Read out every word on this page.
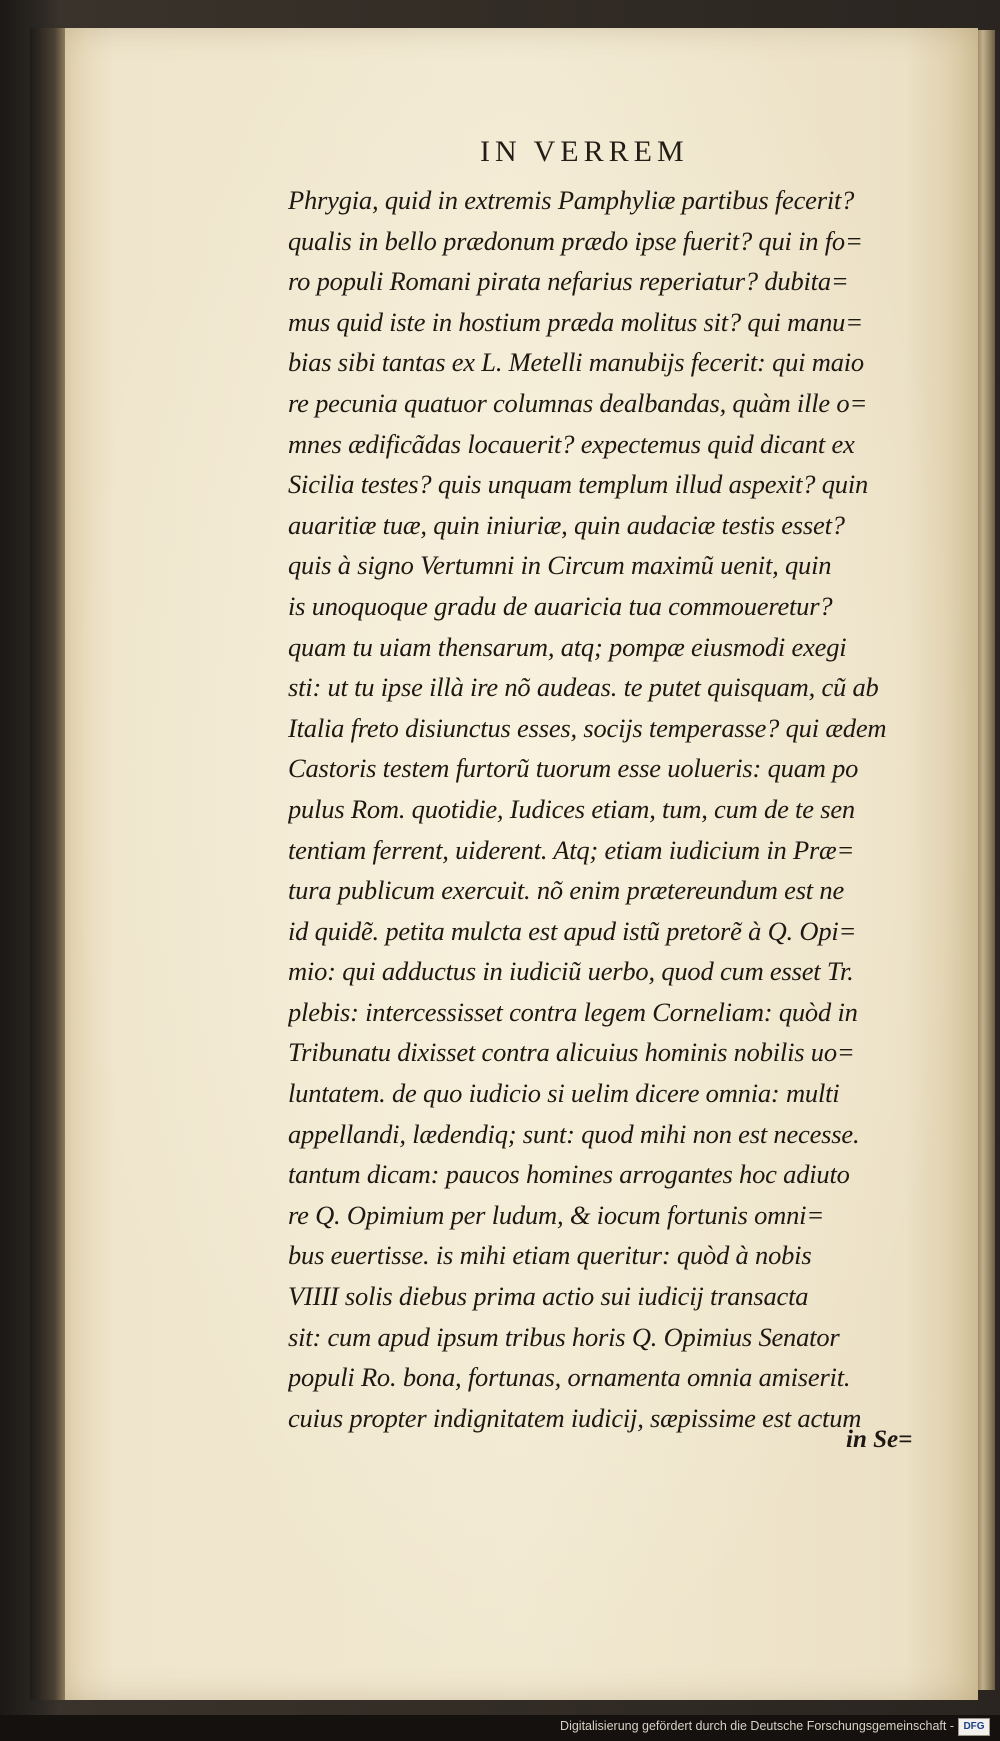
IN VERREM
Phrygia, quid in extremis Pamphyliæ partibus fecerit?
qualis in bello prædonum prædo ipse fuerit? qui in fo=
ro populi Romani pirata nefarius reperiatur? dubita=
mus quid iste in hostium præda molitus sit? qui manu=
bias sibi tantas ex L. Metelli manubijs fecerit: qui maio
re pecunia quatuor columnas dealbandas, quàm ille o=
mnes ædificãdas locauerit? expectemus quid dicant ex
Sicilia testes? quis unquam templum illud aspexit? quin
auaritiæ tuæ, quin iniuriæ, quin audaciæ testis esset?
quis à signo Vertumni in Circum maximũ uenit, quin
is unoquoque gradu de auaricia tua commoueretur?
quam tu uiam thensarum, atq; pompæ eiusmodi exegi
sti: ut tu ipse illà ire nõ audeas. te putet quisquam, cũ ab
Italia freto disiunctus esses, socijs temperasse? qui ædem
Castoris testem furtorũ tuorum esse uolueris: quam po
pulus Rom. quotidie, Iudices etiam, tum, cum de te sen
tentiam ferrent, uiderent. Atq; etiam iudicium in Præ=
tura publicum exercuit. nõ enim prætereundum est ne
id quidẽ. petita mulcta est apud istũ pretorẽ à Q. Opi=
mio: qui adductus in iudiciũ uerbo, quod cum esset Tr.
plebis: intercessisset contra legem Corneliam: quòd in
Tribunatu dixisset contra alicuius hominis nobilis uo=
luntatem. de quo iudicio si uelim dicere omnia: multi
appellandi, lædendiq; sunt: quod mihi non est necesse.
tantum dicam: paucos homines arrogantes hoc adiuto
re Q. Opimium per ludum, & iocum fortunis omni=
bus euertisse. is mihi etiam queritur: quòd à nobis
VIIII solis diebus prima actio sui iudicij transacta
sit: cum apud ipsum tribus horis Q. Opimius Senator
populi Ro. bona, fortunas, ornamenta omnia amiserit.
cuius propter indignitatem iudicij, sæpissime est actum
in Se=
Digitalisierung gefördert durch die Deutsche Forschungsgemeinschaft - DFG
